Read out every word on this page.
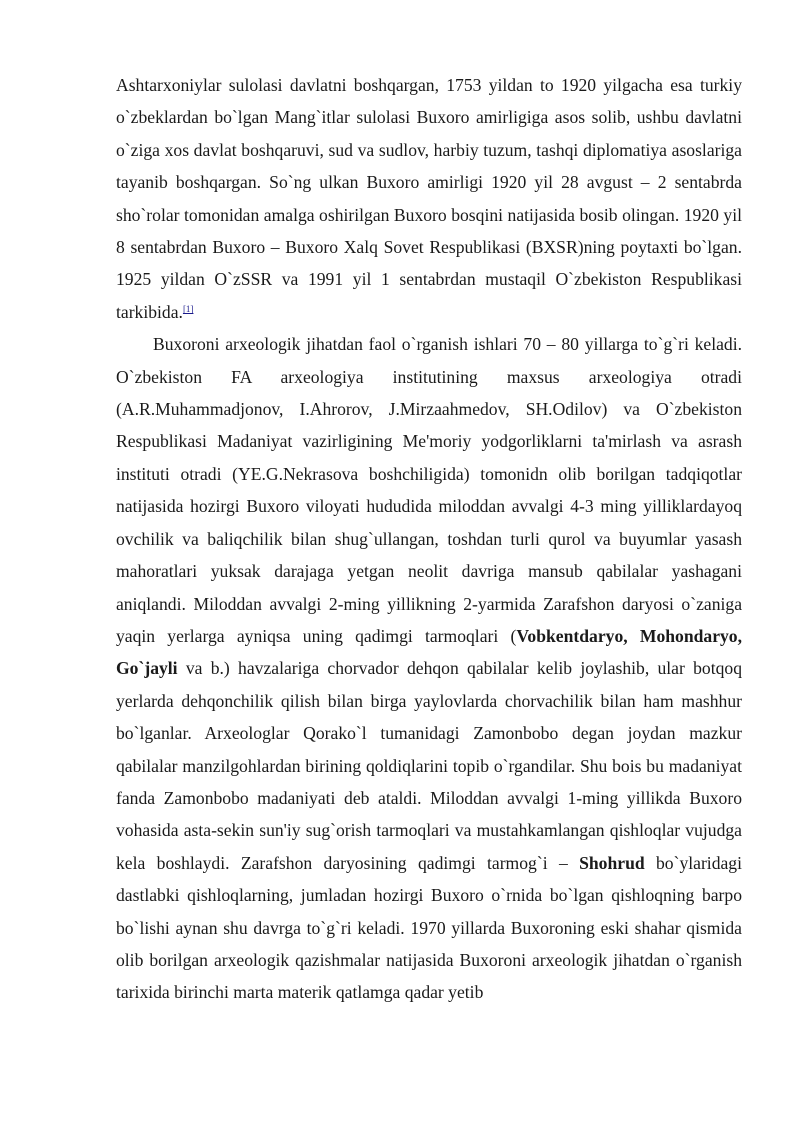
Ashtarxoniylar sulolasi davlatni boshqargan, 1753 yildan to 1920 yilgacha esa turkiy o`zbeklardan bo`lgan Mang`itlar sulolasi Buxoro amirligiga asos solib, ushbu davlatni o`ziga xos davlat boshqaruvi, sud va sudlov, harbiy tuzum, tashqi diplomatiya asoslariga tayanib boshqargan. So`ng ulkan Buxoro amirligi 1920 yil 28 avgust – 2 sentabrda sho`rolar tomonidan amalga oshirilgan Buxoro bosqini natijasida bosib olingan. 1920 yil 8 sentabrdan Buxoro – Buxoro Xalq Sovet Respublikasi (BXSR)ning poytaxti bo`lgan. 1925 yildan O`zSSR va 1991 yil 1 sentabrdan mustaqil O`zbekiston Respublikasi tarkibida.[1]

Buxoroni arxeologik jihatdan faol o`rganish ishlari 70 – 80 yillarga to`g`ri keladi. O`zbekiston FA arxeologiya institutining maxsus arxeologiya otradi (A.R.Muhammadjonov, I.Ahrorov, J.Mirzaahmedov, SH.Odilov) va O`zbekiston Respublikasi Madaniyat vazirligining Me'moriy yodgorliklarni ta'mirlash va asrash instituti otradi (YE.G.Nekrasova boshchiligida) tomonidn olib borilgan tadqiqotlar natijasida hozirgi Buxoro viloyati hududida miloddan avvalgi 4-3 ming yilliklardayoq ovchilik va baliqchilik bilan shug`ullangan, toshdan turli qurol va buyumlar yasash mahoratlari yuksak darajaga yetgan neolit davriga mansub qabilalar yashagani aniqlandi. Miloddan avvalgi 2-ming yillikning 2-yarmida Zarafshon daryosi o`zaniga yaqin yerlarga ayniqsa uning qadimgi tarmoqlari (Vobkentdaryo, Mohondaryo, Go`jayli va b.) havzalariga chorvador dehqon qabilalar kelib joylashib, ular botqoq yerlarda dehqonchilik qilish bilan birga yaylovlarda chorvachilik bilan ham mashhur bo`lganlar. Arxeologlar Qorako`l tumanidagi Zamonbobo degan joydan mazkur qabilalar manzilgohlardan birining qoldiqlarini topib o`rgandilar. Shu bois bu madaniyat fanda Zamonbobo madaniyati deb ataldi. Miloddan avvalgi 1-ming yillikda Buxoro vohasida asta-sekin sun'iy sug`orish tarmoqlari va mustahkamlangan qishloqlar vujudga kela boshlaydi. Zarafshon daryosining qadimgi tarmog`i – Shohrud bo`ylaridagi dastlabki qishloqlarning, jumladan hozirgi Buxoro o`rnida bo`lgan qishloqning barpo bo`lishi aynan shu davrga to`g`ri keladi. 1970 yillarda Buxoroning eski shahar qismida olib borilgan arxeologik qazishmalar natijasida Buxoroni arxeologik jihatdan o`rganish tarixida birinchi marta materik qatlamga qadar yetib
